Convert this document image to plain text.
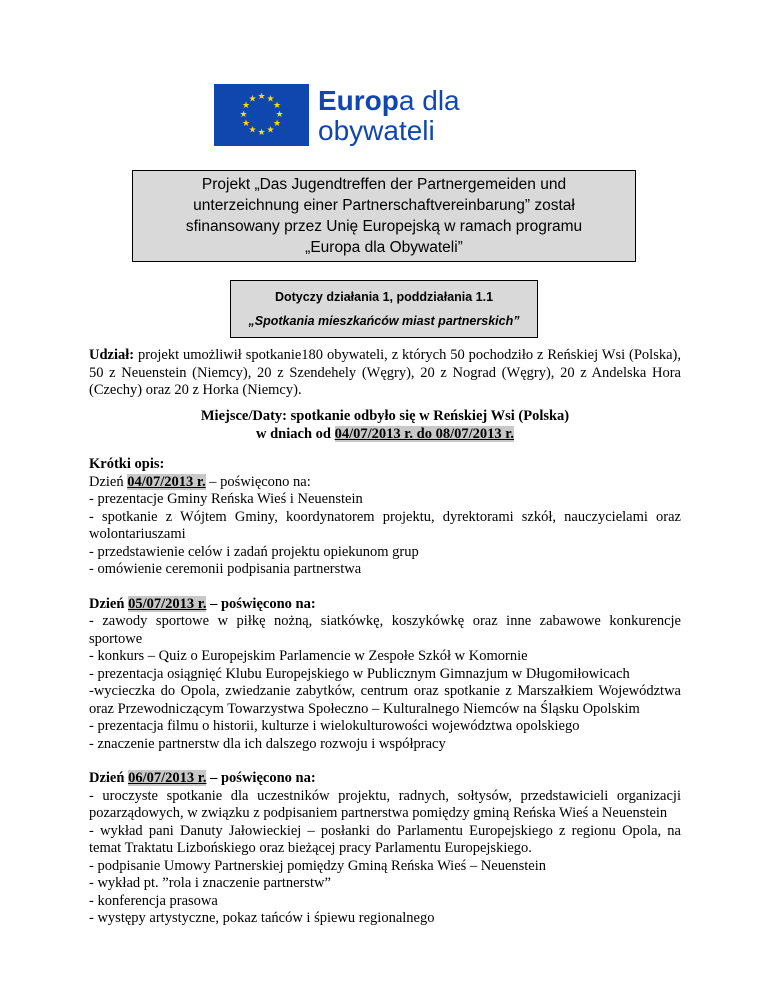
★ ★
★
★
★
★
★
★
★
★
★
★ Europa dla
obywateli
Projekt „Das Jugendtreffen der Partnergemeiden und
unterzeichnung einer Partnerschaftvereinbarung” został
sfinansowany przez Unię Europejską w ramach programu
„Europa dla Obywateli”
Dotyczy działania 1, poddziałania 1.1
„Spotkania mieszkańców miast partnerskich”
Udział: projekt umożliwił spotkanie180 obywateli, z których 50 pochodziło z Reńskiej Wsi (Polska), 50 z Neuenstein (Niemcy), 20 z Szendehely (Węgry), 20 z Nograd (Węgry), 20 z Andelska Hora (Czechy) oraz 20 z Horka (Niemcy).
Miejsce/Daty: spotkanie odbyło się w Reńskiej Wsi (Polska)
w dniach od 04/07/2013 r. do 08/07/2013 r.
Krótki opis:
Dzień 04/07/2013 r. – poświęcono na:
- prezentacje Gminy Reńska Wieś i Neuenstein
- spotkanie z Wójtem Gminy, koordynatorem projektu, dyrektorami szkół, nauczycielami oraz wolontariuszami
- przedstawienie celów i zadań projektu opiekunom grup
- omówienie ceremonii podpisania partnerstwa
Dzień 05/07/2013 r. – poświęcono na:
- zawody sportowe w piłkę nożną, siatkówkę, koszykówkę oraz inne zabawowe konkurencje sportowe
- konkurs – Quiz o Europejskim Parlamencie w Zespołe Szkół w Komornie
- prezentacja osiągnięć Klubu Europejskiego w Publicznym Gimnazjum w Długomiłowicach
-wycieczka do Opola, zwiedzanie zabytków, centrum oraz spotkanie z Marszałkiem Województwa oraz Przewodniczącym Towarzystwa Społeczno – Kulturalnego Niemców na Śląsku Opolskim
- prezentacja filmu o historii, kulturze i wielokulturowości województwa opolskiego
- znaczenie partnerstw dla ich dalszego rozwoju i współpracy
Dzień 06/07/2013 r. – poświęcono na:
- uroczyste spotkanie dla uczestników projektu, radnych, sołtysów, przedstawicieli organizacji pozarządowych, w związku z podpisaniem partnerstwa pomiędzy gminą Reńska Wieś a Neuenstein
- wykład pani Danuty Jałowieckiej – posłanki do Parlamentu Europejskiego z regionu Opola, na temat Traktatu Lizbońskiego oraz bieżącej pracy Parlamentu Europejskiego.
- podpisanie Umowy Partnerskiej pomiędzy Gminą Reńska Wieś – Neuenstein
- wykład pt. ”rola i znaczenie partnerstw”
- konferencja prasowa
- występy artystyczne, pokaz tańców i śpiewu regionalnego
